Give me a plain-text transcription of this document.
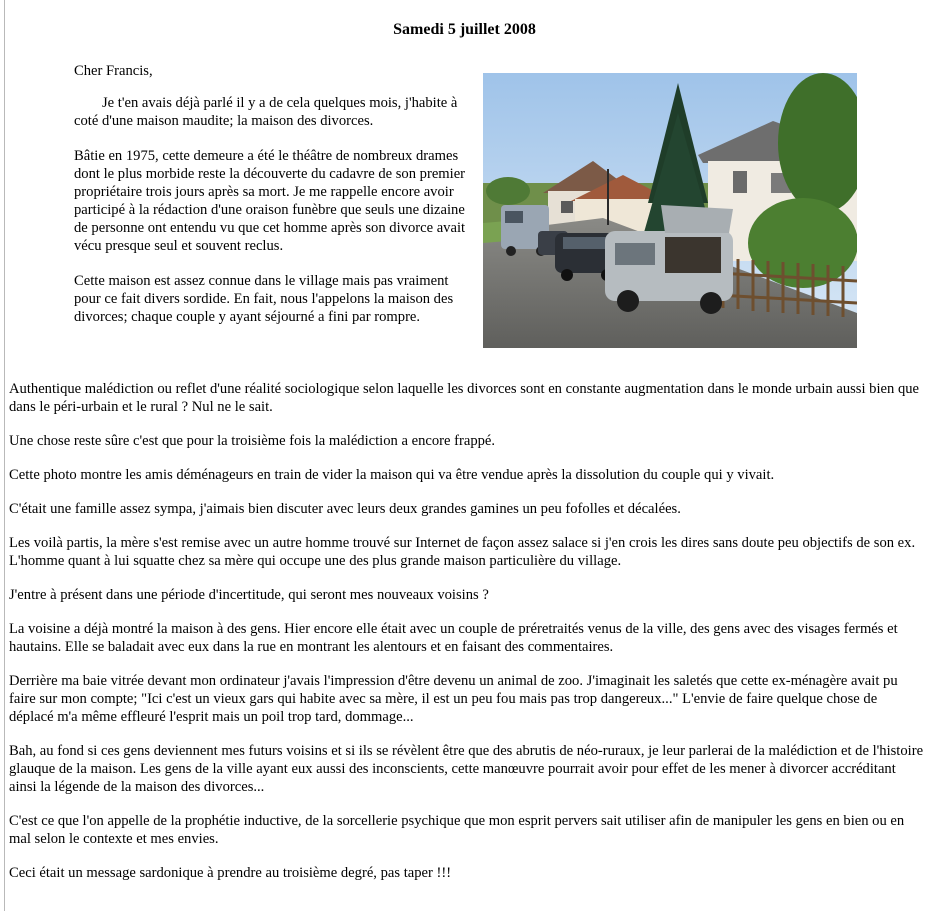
Samedi 5 juillet 2008

Cher Francis,

Je t'en avais déjà parlé il y a de cela quelques mois, j'habite à coté d'une maison maudite; la maison des divorces.

Bâtie en 1975, cette demeure a été le théâtre de nombreux drames dont le plus morbide reste la découverte du cadavre de son premier propriétaire trois jours après sa mort. Je me rappelle encore avoir participé à la rédaction d'une oraison funèbre que seuls une dizaine de personne ont entendu vu que cet homme après son divorce avait vécu presque seul et souvent reclus.

Cette maison est assez connue dans le village mais pas vraiment pour ce fait divers sordide. En fait, nous l'appelons la maison des divorces; chaque couple y ayant séjourné a fini par rompre.

Authentique malédiction ou reflet d'une réalité sociologique selon laquelle les divorces sont en constante augmentation dans le monde urbain aussi bien que dans le péri-urbain et le rural ? Nul ne le sait.

Une chose reste sûre c'est que pour la troisième fois la malédiction a encore frappé.

Cette photo montre les amis déménageurs en train de vider la maison qui va être vendue après la dissolution du couple qui y vivait.

C'était une famille assez sympa, j'aimais bien discuter avec leurs deux grandes gamines un peu fofolles et décalées.

Les voilà partis, la mère s'est remise avec un autre homme trouvé sur Internet de façon assez salace si j'en crois les dires sans doute peu objectifs de son ex. L'homme quant à lui squatte chez sa mère qui occupe une des plus grande maison particulière du village.

J'entre à présent dans une période d'incertitude, qui seront mes nouveaux voisins ?

La voisine a déjà montré la maison à des gens. Hier encore elle était avec un couple de préretraités venus de la ville, des gens avec des visages fermés et hautains. Elle se baladait avec eux dans la rue en montrant les alentours et en faisant des commentaires.

Derrière ma baie vitrée devant mon ordinateur j'avais l'impression d'être devenu un animal de zoo. J'imaginait les saletés que cette ex-ménagère avait pu faire sur mon compte; "Ici c'est un vieux gars qui habite avec sa mère, il est un peu fou mais pas trop dangereux..." L'envie de faire quelque chose de déplacé m'a même effleuré l'esprit mais un poil trop tard, dommage...

Bah, au fond si ces gens deviennent mes futurs voisins et si ils se révèlent être que des abrutis de néo-ruraux, je leur parlerai de la malédiction et de l'histoire glauque de la maison. Les gens de la ville ayant eux aussi des inconscients, cette manœuvre pourrait avoir pour effet de les mener à divorcer accréditant ainsi la légende de la maison des divorces...

C'est ce que l'on appelle de la prophétie inductive, de la sorcellerie psychique que mon esprit pervers sait utiliser afin de manipuler les gens en bien ou en mal selon le contexte et mes envies.

Ceci était un message sardonique à prendre au troisième degré, pas taper !!!
